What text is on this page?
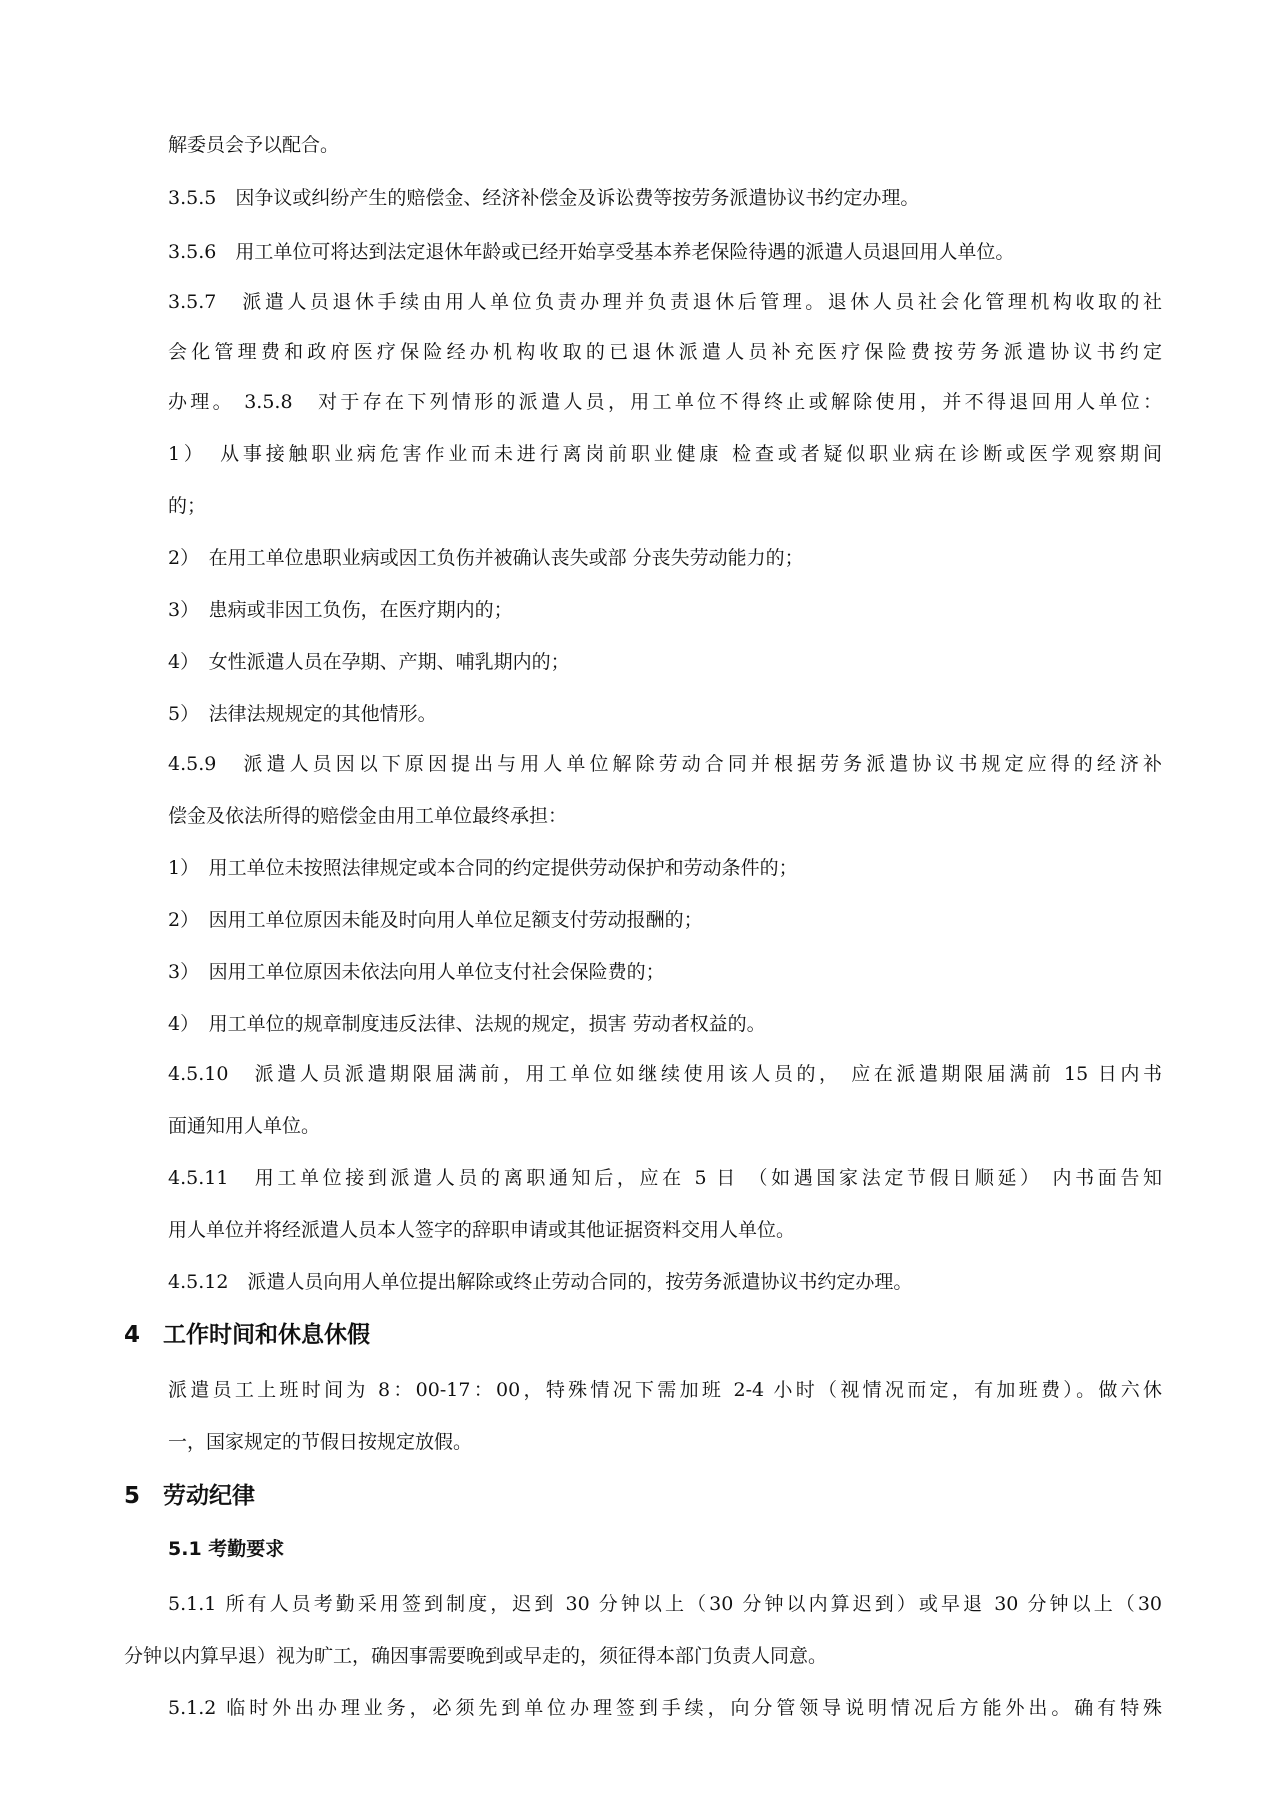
解委员会予以配合。
3.5.5　因争议或纠纷产生的赔偿金、经济补偿金及诉讼费等按劳务派遣协议书约定办理。
3.5.6　用工单位可将达到法定退休年龄或已经开始享受基本养老保险待遇的派遣人员退回用人单位。
3.5.7　派遣人员退休手续由用人单位负责办理并负责退休后管理。退休人员社会化管理机构收取的社
会化管理费和政府医疗保险经办机构收取的已退休派遣人员补充医疗保险费按劳务派遣协议书约定
办理。 3.5.8　对于存在下列情形的派遣人员，用工单位不得终止或解除使用，并不得退回用人单位：
1）　从事接触职业病危害作业而未进行离岗前职业健康 检查或者疑似职业病在诊断或医学观察期间
的；
2）　在用工单位患职业病或因工负伤并被确认丧失或部 分丧失劳动能力的；
3）　患病或非因工负伤，在医疗期内的；
4）　女性派遣人员在孕期、产期、哺乳期内的；
5）　法律法规规定的其他情形。
4.5.9　派遣人员因以下原因提出与用人单位解除劳动合同并根据劳务派遣协议书规定应得的经济补
偿金及依法所得的赔偿金由用工单位最终承担：
1）　用工单位未按照法律规定或本合同的约定提供劳动保护和劳动条件的；
2）　因用工单位原因未能及时向用人单位足额支付劳动报酬的；
3）　因用工单位原因未依法向用人单位支付社会保险费的；
4）　用工单位的规章制度违反法律、法规的规定，损害 劳动者权益的。
4.5.10　派遣人员派遣期限届满前，用工单位如继续使用该人员的， 应在派遣期限届满前 15 日内书
面通知用人单位。
4.5.11　用工单位接到派遣人员的离职通知后，应在 5 日 （如遇国家法定节假日顺延） 内书面告知
用人单位并将经派遣人员本人签字的辞职申请或其他证据资料交用人单位。
4.5.12　派遣人员向用人单位提出解除或终止劳动合同的，按劳务派遣协议书约定办理。
4　工作时间和休息休假
派遣员工上班时间为 8：00-17：00，特殊情况下需加班 2-4 小时（视情况而定，有加班费）。做六休
一，国家规定的节假日按规定放假。
5　劳动纪律
5.1 考勤要求
5.1.1 所有人员考勤采用签到制度，迟到 30 分钟以上（30 分钟以内算迟到）或早退 30 分钟以上（30
分钟以内算早退）视为旷工，确因事需要晚到或早走的，须征得本部门负责人同意。
5.1.2 临时外出办理业务，必须先到单位办理签到手续，向分管领导说明情况后方能外出。确有特殊
